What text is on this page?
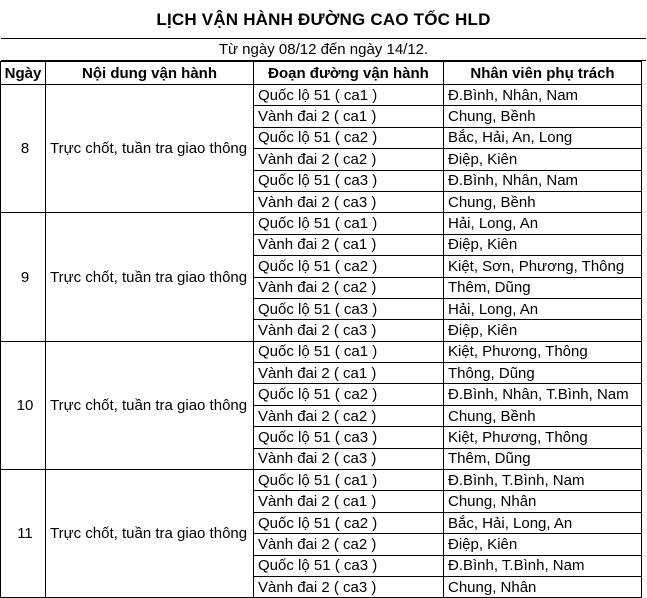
LỊCH VẬN HÀNH ĐƯỜNG CAO TỐC HLD
Từ ngày 08/12 đến ngày 14/12.
Ngày	Nội dung vận hành	Đoạn đường vận hành	Nhân viên phụ trách
8	Trực chốt, tuần tra giao thông	Quốc lộ 51 ( ca1 )	Đ.Bình, Nhân, Nam
		Vành đai 2 ( ca1 )	Chung, Bềnh
		Quốc lộ 51 ( ca2 )	Bắc, Hải, An, Long
		Vành đai 2 ( ca2 )	Điệp, Kiên
		Quốc lộ 51 ( ca3 )	Đ.Bình, Nhân, Nam
		Vành đai 2 ( ca3 )	Chung, Bềnh
9	Trực chốt, tuần tra giao thông	Quốc lộ 51 ( ca1 )	Hải, Long, An
		Vành đai 2 ( ca1 )	Điệp, Kiên
		Quốc lộ 51 ( ca2 )	Kiệt, Sơn, Phương, Thông
		Vành đai 2 ( ca2 )	Thêm, Dũng
		Quốc lộ 51 ( ca3 )	Hải, Long, An
		Vành đai 2 ( ca3 )	Điệp, Kiên
10	Trực chốt, tuần tra giao thông	Quốc lộ 51 ( ca1 )	Kiệt, Phương, Thông
		Vành đai 2 ( ca1 )	Thông, Dũng
		Quốc lộ 51 ( ca2 )	Đ.Bình, Nhân, T.Bình, Nam
		Vành đai 2 ( ca2 )	Chung, Bềnh
		Quốc lộ 51 ( ca3 )	Kiệt, Phương, Thông
		Vành đai 2 ( ca3 )	Thêm, Dũng
11	Trực chốt, tuần tra giao thông	Quốc lộ 51 ( ca1 )	Đ.Bình, T.Bình, Nam
		Vành đai 2 ( ca1 )	Chung, Nhân
		Quốc lộ 51 ( ca2 )	Bắc, Hải, Long, An
		Vành đai 2 ( ca2 )	Điệp, Kiên
		Quốc lộ 51 ( ca3 )	Đ.Bình, T.Bình, Nam
		Vành đai 2 ( ca3 )	Chung, Nhân
